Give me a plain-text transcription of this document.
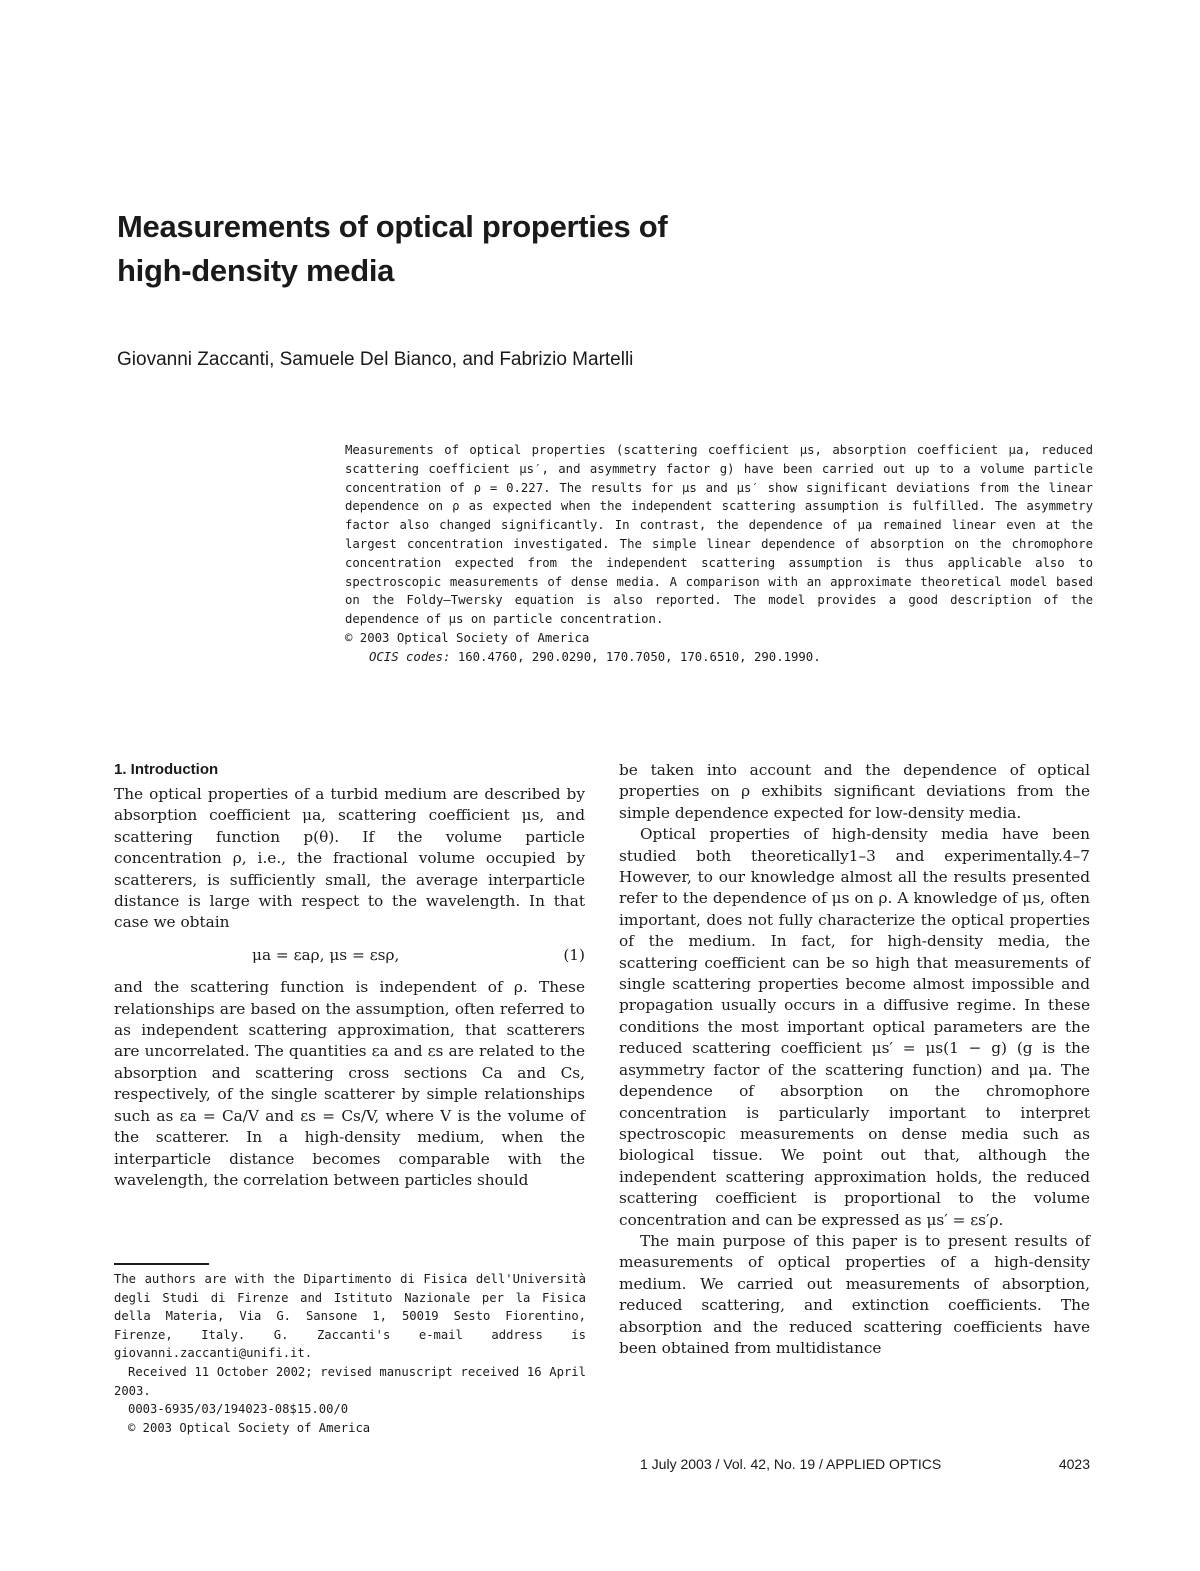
Measurements of optical properties of
high-density media
Giovanni Zaccanti, Samuele Del Bianco, and Fabrizio Martelli

Measurements of optical properties (scattering coefficient μs, absorption coefficient μa, reduced scattering coefficient μs′, and asymmetry factor g) have been carried out up to a volume particle concentration of ρ = 0.227. The results for μs and μs′ show significant deviations from the linear dependence on ρ as expected when the independent scattering assumption is fulfilled. The asymmetry factor also changed significantly. In contrast, the dependence of μa remained linear even at the largest concentration investigated. The simple linear dependence of absorption on the chromophore concentration expected from the independent scattering assumption is thus applicable also to spectroscopic measurements of dense media. A comparison with an approximate theoretical model based on the Foldy–Twersky equation is also reported. The model provides a good description of the dependence of μs on particle concentration.

© 2003 Optical Society of America

OCIS codes: 160.4760, 290.0290, 170.7050, 170.6510, 290.1990.

1. Introduction

The optical properties of a turbid medium are described by absorption coefficient μa, scattering coefficient μs, and scattering function p(θ). If the volume particle concentration ρ, i.e., the fractional volume occupied by scatterers, is sufficiently small, the average interparticle distance is large with respect to the wavelength. In that case we obtain

μa = εaρ, μs = εsρ,	(1)

and the scattering function is independent of ρ. These relationships are based on the assumption, often referred to as independent scattering approximation, that scatterers are uncorrelated. The quantities εa and εs are related to the absorption and scattering cross sections Ca and Cs, respectively, of the single scatterer by simple relationships such as εa = Ca/V and εs = Cs/V, where V is the volume of the scatterer. In a high-density medium, when the interparticle distance becomes comparable with the wavelength, the correlation between particles should

The authors are with the Dipartimento di Fisica dell'Università degli Studi di Firenze and Istituto Nazionale per la Fisica della Materia, Via G. Sansone 1, 50019 Sesto Fiorentino, Firenze, Italy. G. Zaccanti's e-mail address is giovanni.zaccanti@unifi.it.

Received 11 October 2002; revised manuscript received 16 April 2003.

0003-6935/03/194023-08$15.00/0

© 2003 Optical Society of America

be taken into account and the dependence of optical properties on ρ exhibits significant deviations from the simple dependence expected for low-density media.

Optical properties of high-density media have been studied both theoretically1–3 and experimentally.4–7 However, to our knowledge almost all the results presented refer to the dependence of μs on ρ. A knowledge of μs, often important, does not fully characterize the optical properties of the medium. In fact, for high-density media, the scattering coefficient can be so high that measurements of single scattering properties become almost impossible and propagation usually occurs in a diffusive regime. In these conditions the most important optical parameters are the reduced scattering coefficient μs′ = μs(1 − g) (g is the asymmetry factor of the scattering function) and μa. The dependence of absorption on the chromophore concentration is particularly important to interpret spectroscopic measurements on dense media such as biological tissue. We point out that, although the independent scattering approximation holds, the reduced scattering coefficient is proportional to the volume concentration and can be expressed as μs′ = εs′ρ.

The main purpose of this paper is to present results of measurements of optical properties of a high-density medium. We carried out measurements of absorption, reduced scattering, and extinction coefficients. The absorption and the reduced scattering coefficients have been obtained from multidistance

1 July 2003 / Vol. 42, No. 19 / APPLIED OPTICS	4023
